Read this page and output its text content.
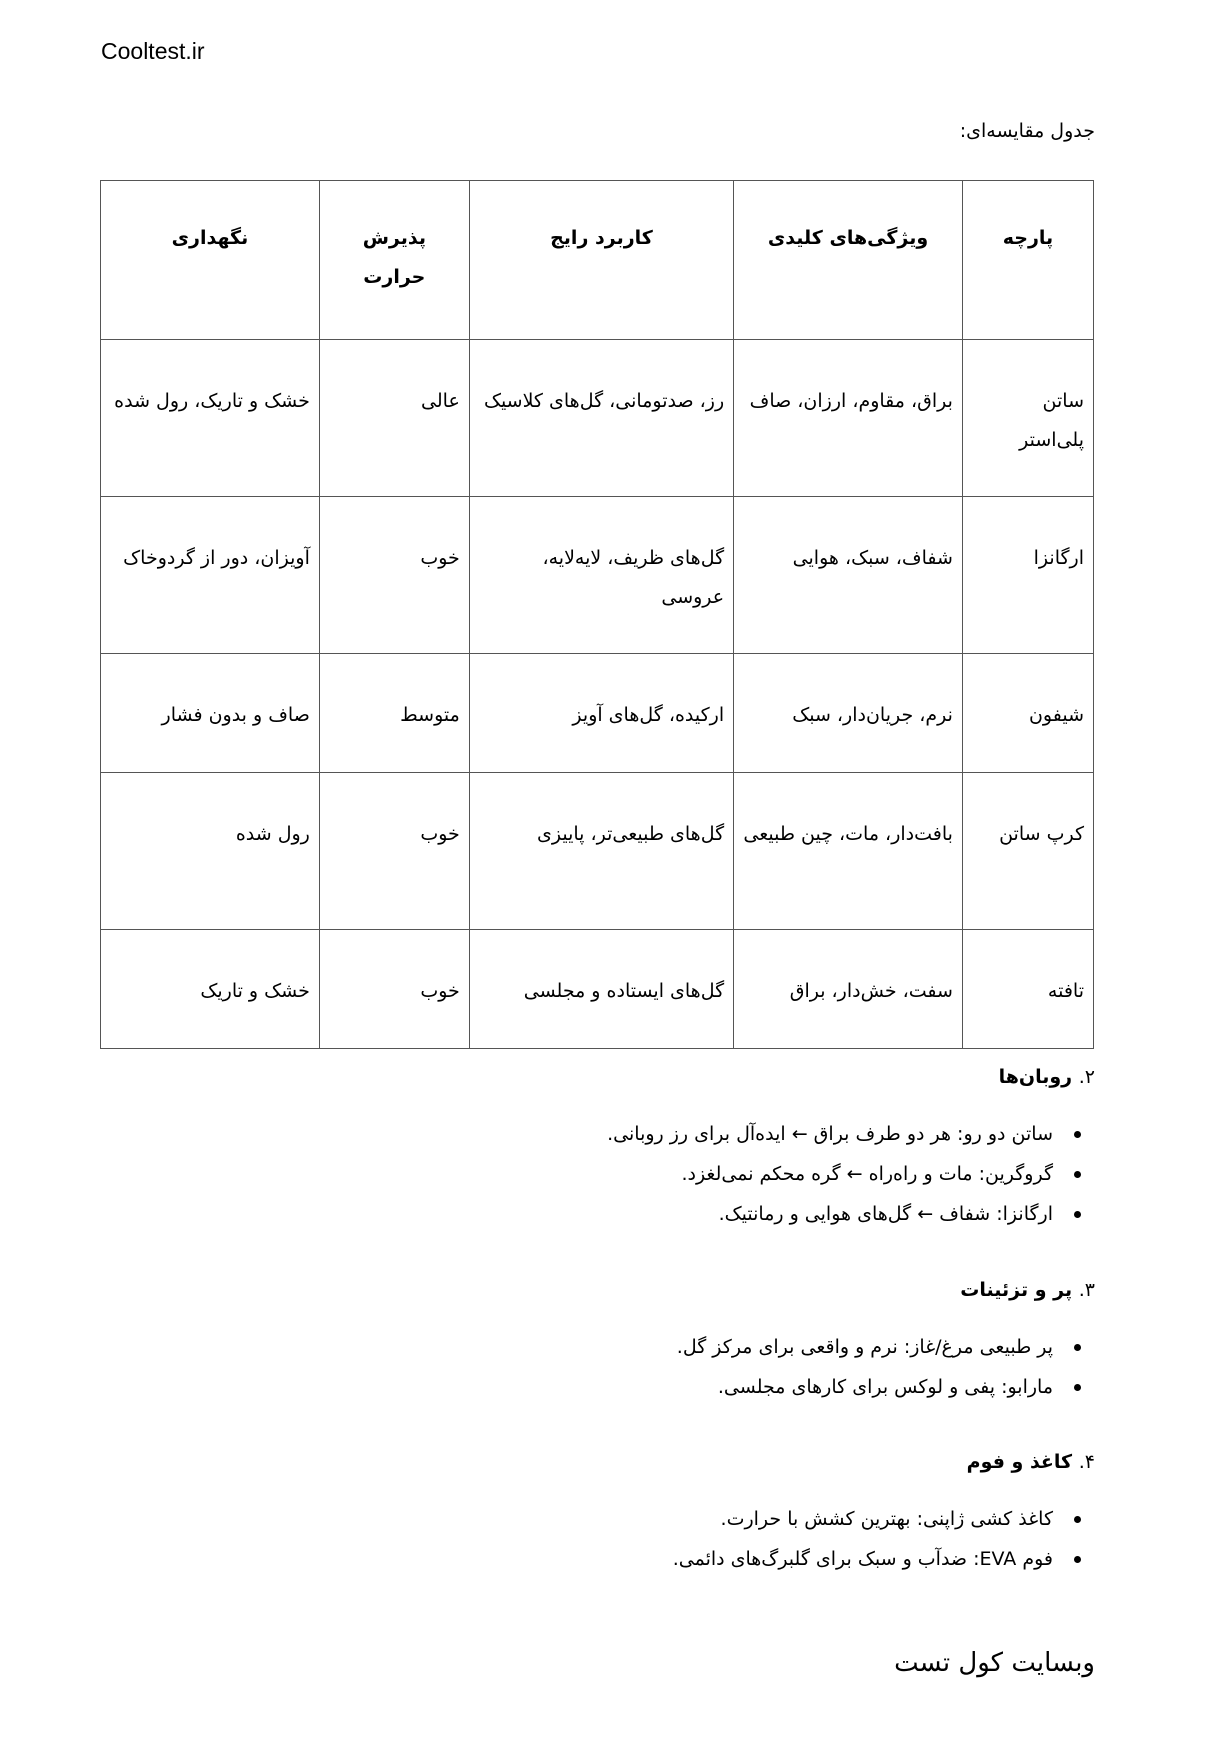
Cooltest.ir
جدول مقایسه‌ای:
پارچه	ویژگی‌های کلیدی	کاربرد رایج	پذیرش حرارت	نگهداری
ساتن پلی‌استر	براق، مقاوم، ارزان، صاف	رز، صدتومانی، گل‌های کلاسیک	عالی	خشک و تاریک، رول شده
ارگانزا	شفاف، سبک، هوایی	گل‌های ظریف، لایه‌لایه، عروسی	خوب	آویزان، دور از گردوخاک
شیفون	نرم، جریان‌دار، سبک	ارکیده، گل‌های آویز	متوسط	صاف و بدون فشار
کرپ ساتن	بافت‌دار، مات، چین طبیعی	گل‌های طبیعی‌تر، پاییزی	خوب	رول شده
تافته	سفت، خش‌دار، براق	گل‌های ایستاده و مجلسی	خوب	خشک و تاریک
۲. روبان‌ها
ساتن دو رو: هر دو طرف براق ← ایده‌آل برای رز روبانی.
گروگرین: مات و راه‌راه ← گره محکم نمی‌لغزد.
ارگانزا: شفاف ← گل‌های هوایی و رمانتیک.
۳. پر و تزئینات
پر طبیعی مرغ/غاز: نرم و واقعی برای مرکز گل.
مارابو: پفی و لوکس برای کارهای مجلسی.
۴. کاغذ و فوم
کاغذ کشی ژاپنی: بهترین کشش با حرارت.
فوم EVA: ضدآب و سبک برای گلبرگ‌های دائمی.
وبسایت کول تست
